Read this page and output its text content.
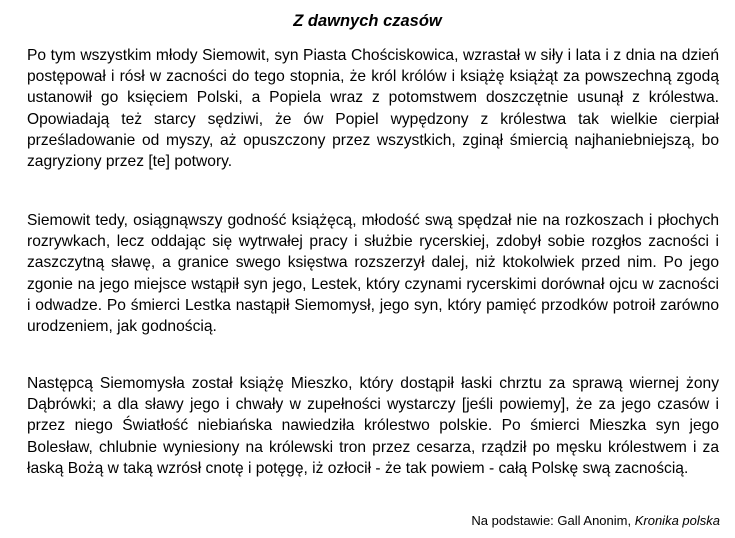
Z dawnych czasów

Po tym wszystkim młody Siemowit, syn Piasta Chościskowica, wzrastał w siły i lata i z dnia na dzień postępował i rósł w zacności do tego stopnia, że król królów i książę książąt za powszechną zgodą ustanowił go księciem Polski, a Popiela wraz z potomstwem doszczętnie usunął z królestwa. Opowiadają też starcy sędziwi, że ów Popiel wypędzony z królestwa tak wielkie cierpiał prześladowanie od myszy, aż opuszczony przez wszystkich, zginął śmiercią najhaniebniejszą, bo zagryziony przez [te] potwory.

Siemowit tedy, osiągnąwszy godność książęcą, młodość swą spędzał nie na rozkoszach i płochych rozrywkach, lecz oddając się wytrwałej pracy i służbie rycerskiej, zdobył sobie rozgłos zacności i zaszczytną sławę, a granice swego księstwa rozszerzył dalej, niż ktokolwiek przed nim. Po jego zgonie na jego miejsce wstąpił syn jego, Lestek, który czynami rycerskimi dorównał ojcu w zacności i odwadze. Po śmierci Lestka nastąpił Siemomysł, jego syn, który pamięć przodków potroił zarówno urodzeniem, jak godnością.

Następcą Siemomysła został książę Mieszko, który dostąpił łaski chrztu za sprawą wiernej żony Dąbrówki; a dla sławy jego i chwały w zupełności wystarczy [jeśli powiemy], że za jego czasów i przez niego Światłość niebiańska nawiedziła królestwo polskie. Po śmierci Mieszka syn jego Bolesław, chlubnie wyniesiony na królewski tron przez cesarza, rządził po męsku królestwem i za łaską Bożą w taką wzrósł cnotę i potęgę, iż ozłocił - że tak powiem - całą Polskę swą zacnością.

Na podstawie: Gall Anonim, Kronika polska
